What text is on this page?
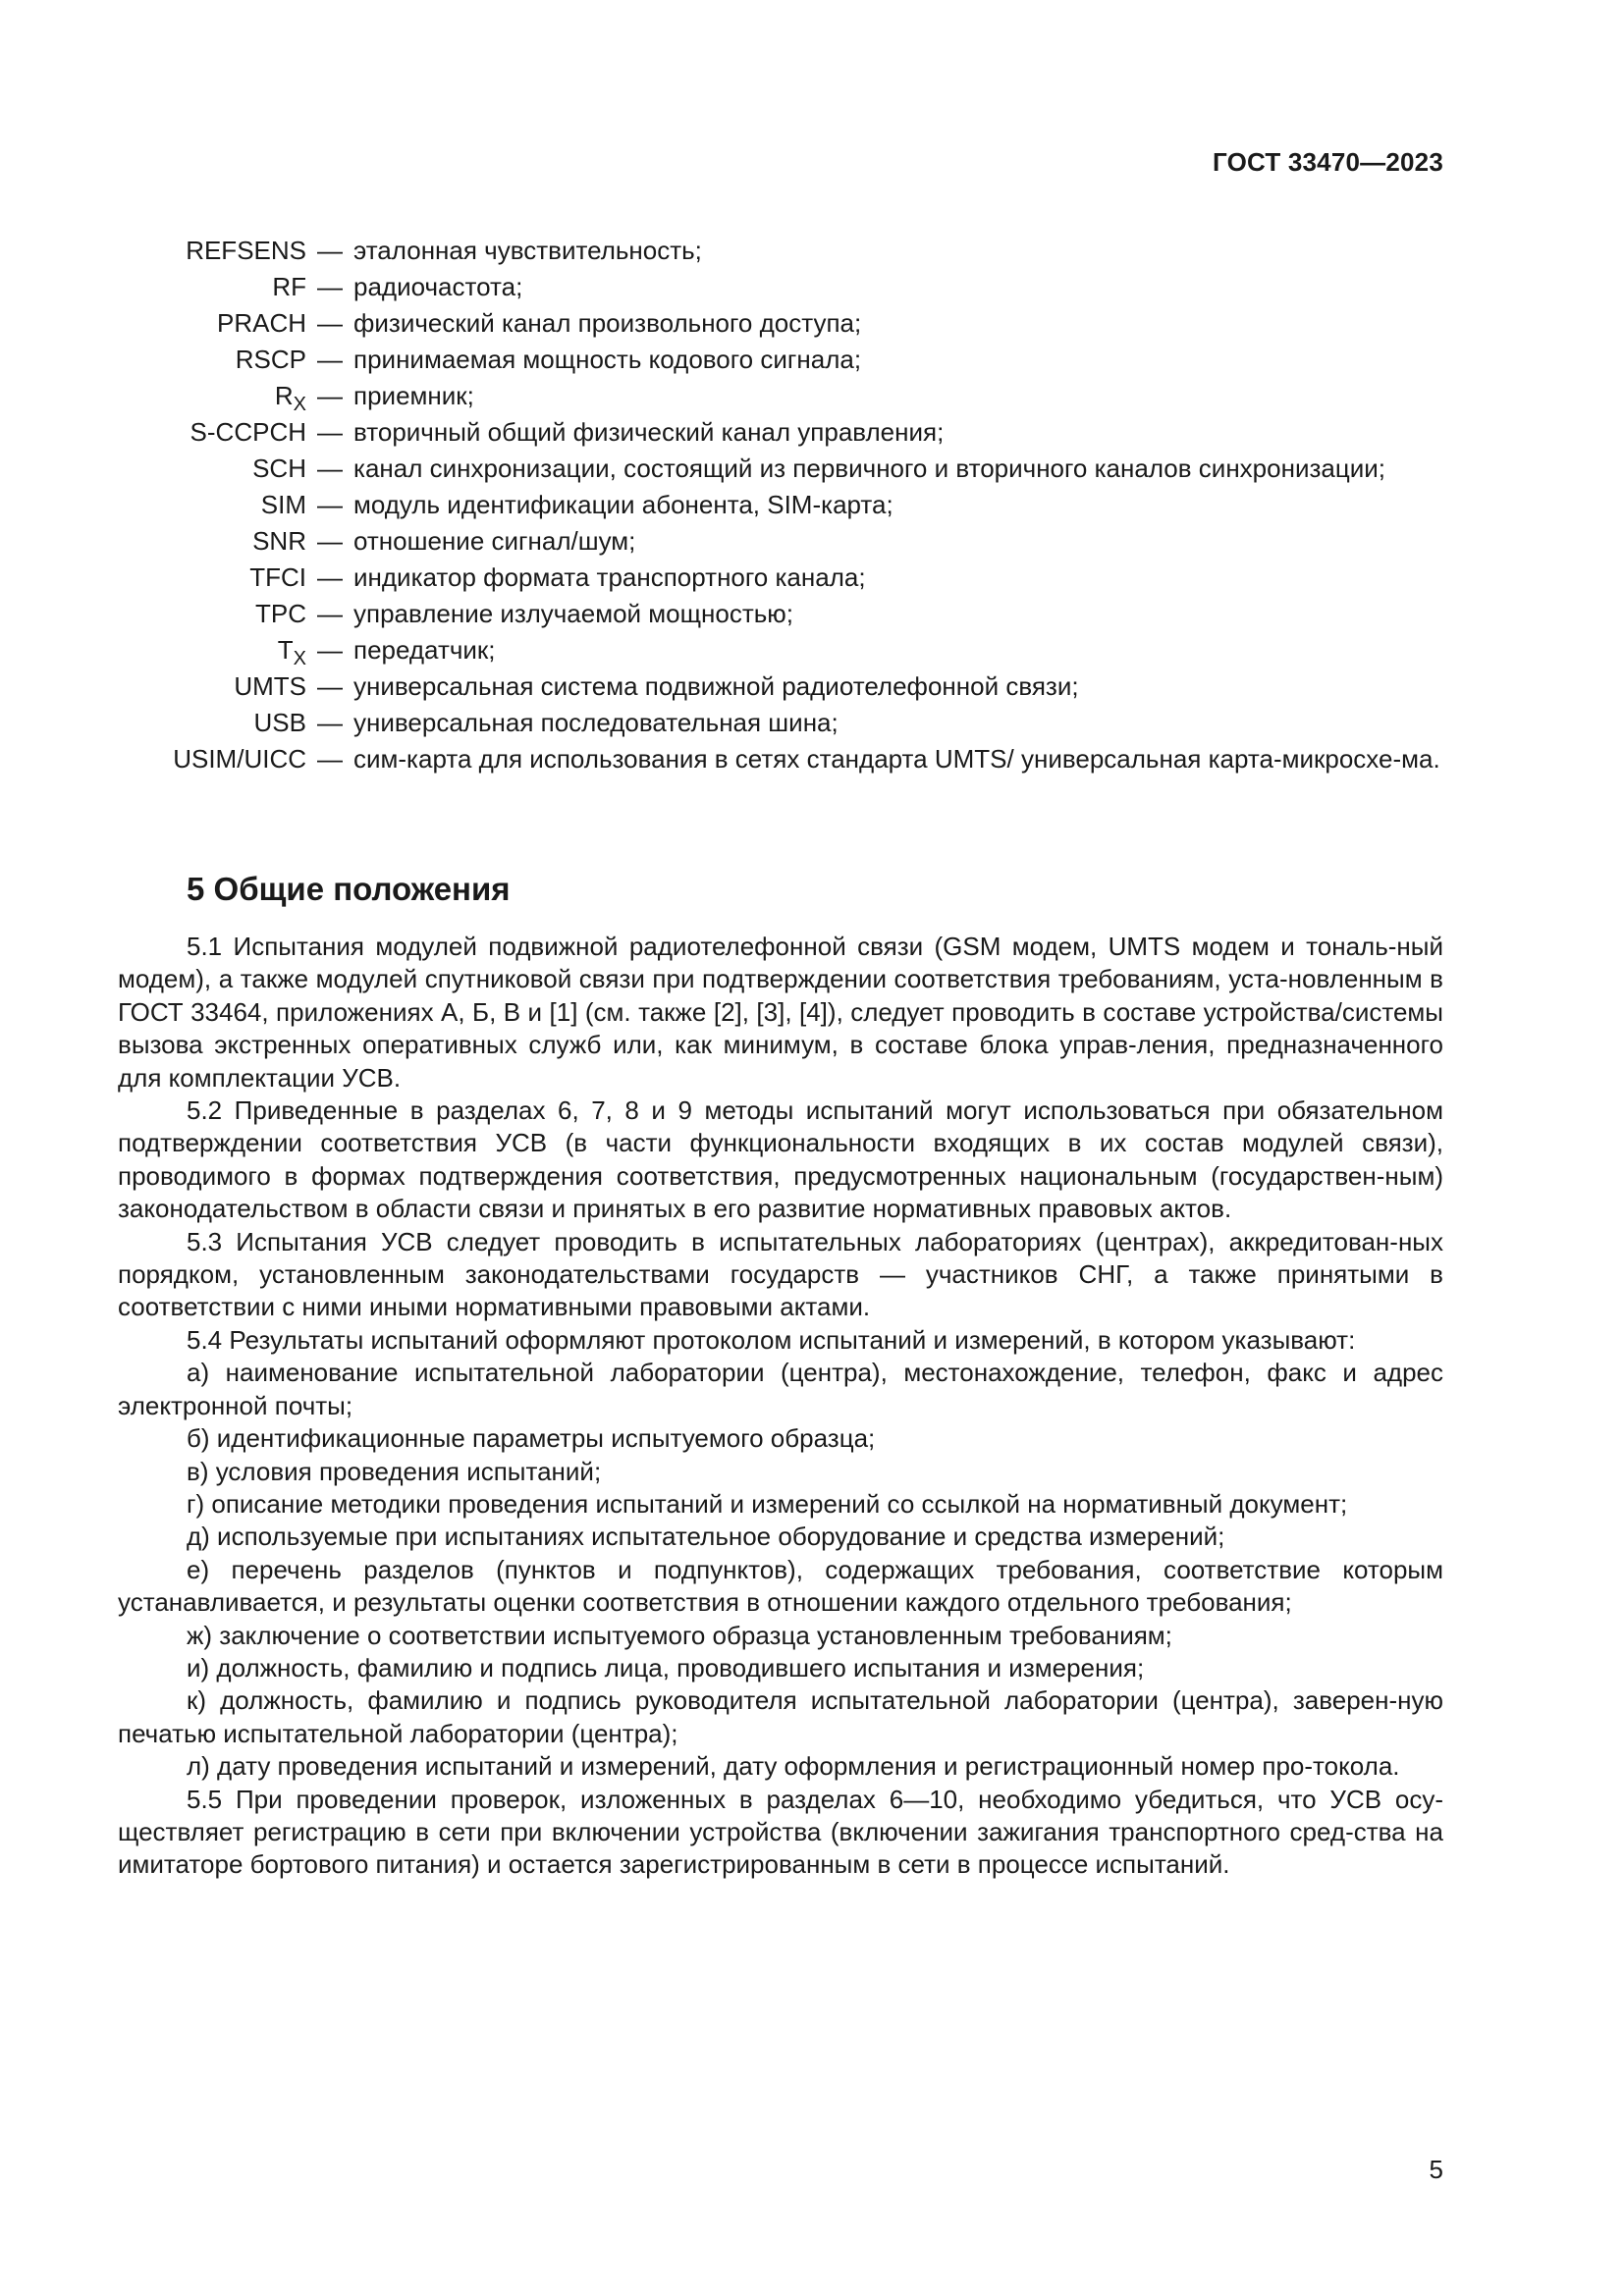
ГОСТ 33470—2023
REFSENS — эталонная чувствительность;
RF — радиочастота;
PRACH — физический канал произвольного доступа;
RSCP — принимаемая мощность кодового сигнала;
$R_X$ — приемник;
S-CCPCH — вторичный общий физический канал управления;
SCH — канал синхронизации, состоящий из первичного и вторичного каналов синхронизации;
SIM — модуль идентификации абонента, SIM-карта;
SNR — отношение сигнал/шум;
TFCI — индикатор формата транспортного канала;
TPC — управление излучаемой мощностью;
$T_X$ — передатчик;
UMTS — универсальная система подвижной радиотелефонной связи;
USB — универсальная последовательная шина;
USIM/UICC — сим-карта для использования в сетях стандарта UMTS/ универсальная карта-микросхе-ма.
5 Общие положения

5.1 Испытания модулей подвижной радиотелефонной связи (GSM модем, UMTS модем и тональ-ный модем), а также модулей спутниковой связи при подтверждении соответствия требованиям, уста-новленным в ГОСТ 33464, приложениях А, Б, В и [1] (см. также [2], [3], [4]), следует проводить в составе устройства/системы вызова экстренных оперативных служб или, как минимум, в составе блока управ-ления, предназначенного для комплектации УСВ.

5.2 Приведенные в разделах 6, 7, 8 и 9 методы испытаний могут использоваться при обязательном подтверждении соответствия УСВ (в части функциональности входящих в их состав модулей связи), проводимого в формах подтверждения соответствия, предусмотренных национальным (государствен-ным) законодательством в области связи и принятых в его развитие нормативных правовых актов.

5.3 Испытания УСВ следует проводить в испытательных лабораториях (центрах), аккредитован-ных порядком, установленным законодательствами государств — участников СНГ, а также принятыми в соответствии с ними иными нормативными правовыми актами.

5.4 Результаты испытаний оформляют протоколом испытаний и измерений, в котором указывают:

а) наименование испытательной лаборатории (центра), местонахождение, телефон, факс и адрес электронной почты;

б) идентификационные параметры испытуемого образца;

в) условия проведения испытаний;

г) описание методики проведения испытаний и измерений со ссылкой на нормативный документ;

д) используемые при испытаниях испытательное оборудование и средства измерений;

е) перечень разделов (пунктов и подпунктов), содержащих требования, соответствие которым устанавливается, и результаты оценки соответствия в отношении каждого отдельного требования;

ж) заключение о соответствии испытуемого образца установленным требованиям;

и) должность, фамилию и подпись лица, проводившего испытания и измерения;

к) должность, фамилию и подпись руководителя испытательной лаборатории (центра), заверен-ную печатью испытательной лаборатории (центра);

л) дату проведения испытаний и измерений, дату оформления и регистрационный номер про-токола.

5.5 При проведении проверок, изложенных в разделах 6—10, необходимо убедиться, что УСВ осу-ществляет регистрацию в сети при включении устройства (включении зажигания транспортного сред-ства на имитаторе бортового питания) и остается зарегистрированным в сети в процессе испытаний.

5
